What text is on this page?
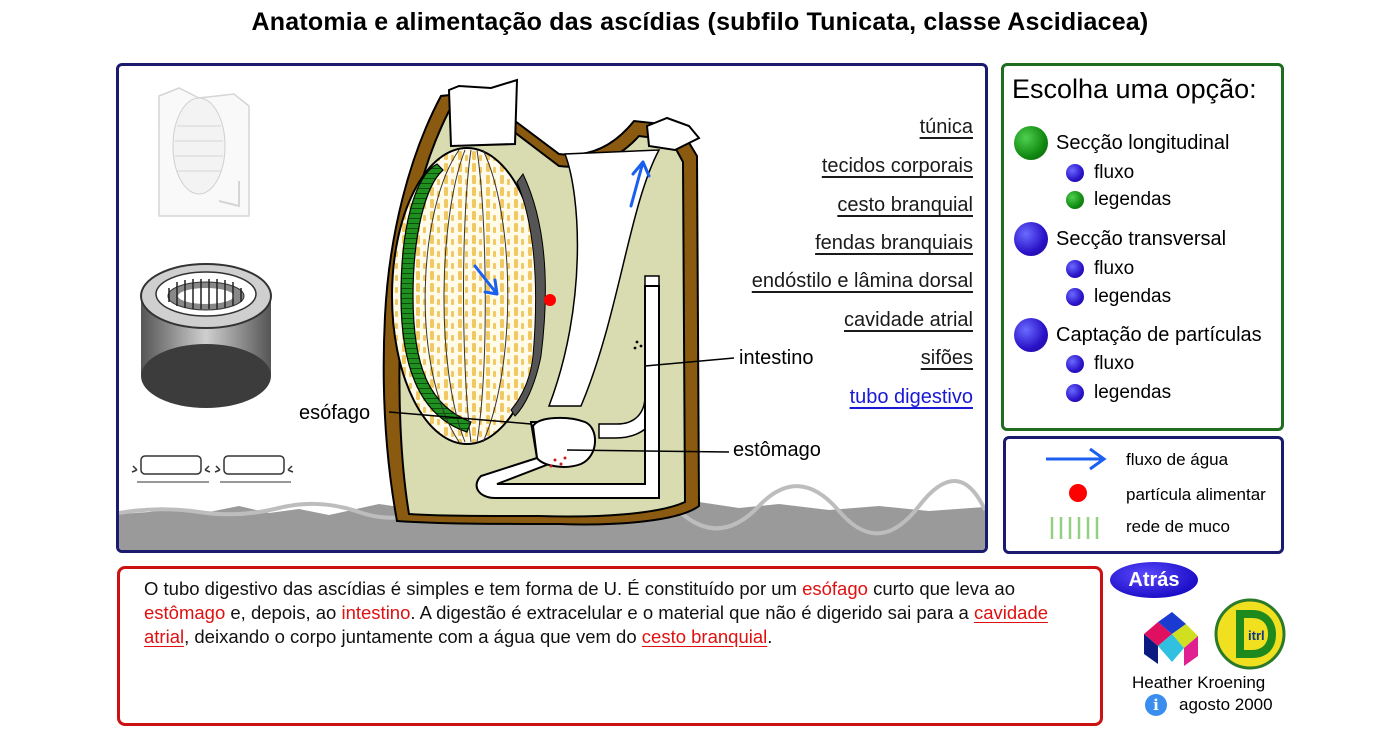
Anatomia e alimentação das ascídias (subfilo Tunicata, classe Ascidiacea)
túnica
tecidos corporais
cesto branquial
fendas branquiais
endóstilo e lâmina dorsal
cavidade atrial
sifões
tubo digestivo
intestino
esófago
estômago
Escolha uma opção:
Secção longitudinal
fluxo
legendas
Secção transversal
fluxo
legendas
Captação de partículas
fluxo
legendas
fluxo de água
partícula alimentar
rede de muco
O tubo digestivo das ascídias é simples e tem forma de U. É constituído por um esófago curto que leva ao estômago e, depois, ao intestino. A digestão é extracelular e o material que não é digerido sai para a cavidade atrial, deixando o corpo juntamente com a água que vem do cesto branquial.
Atrás
itrl
Heather Kroening
i	agosto 2000
